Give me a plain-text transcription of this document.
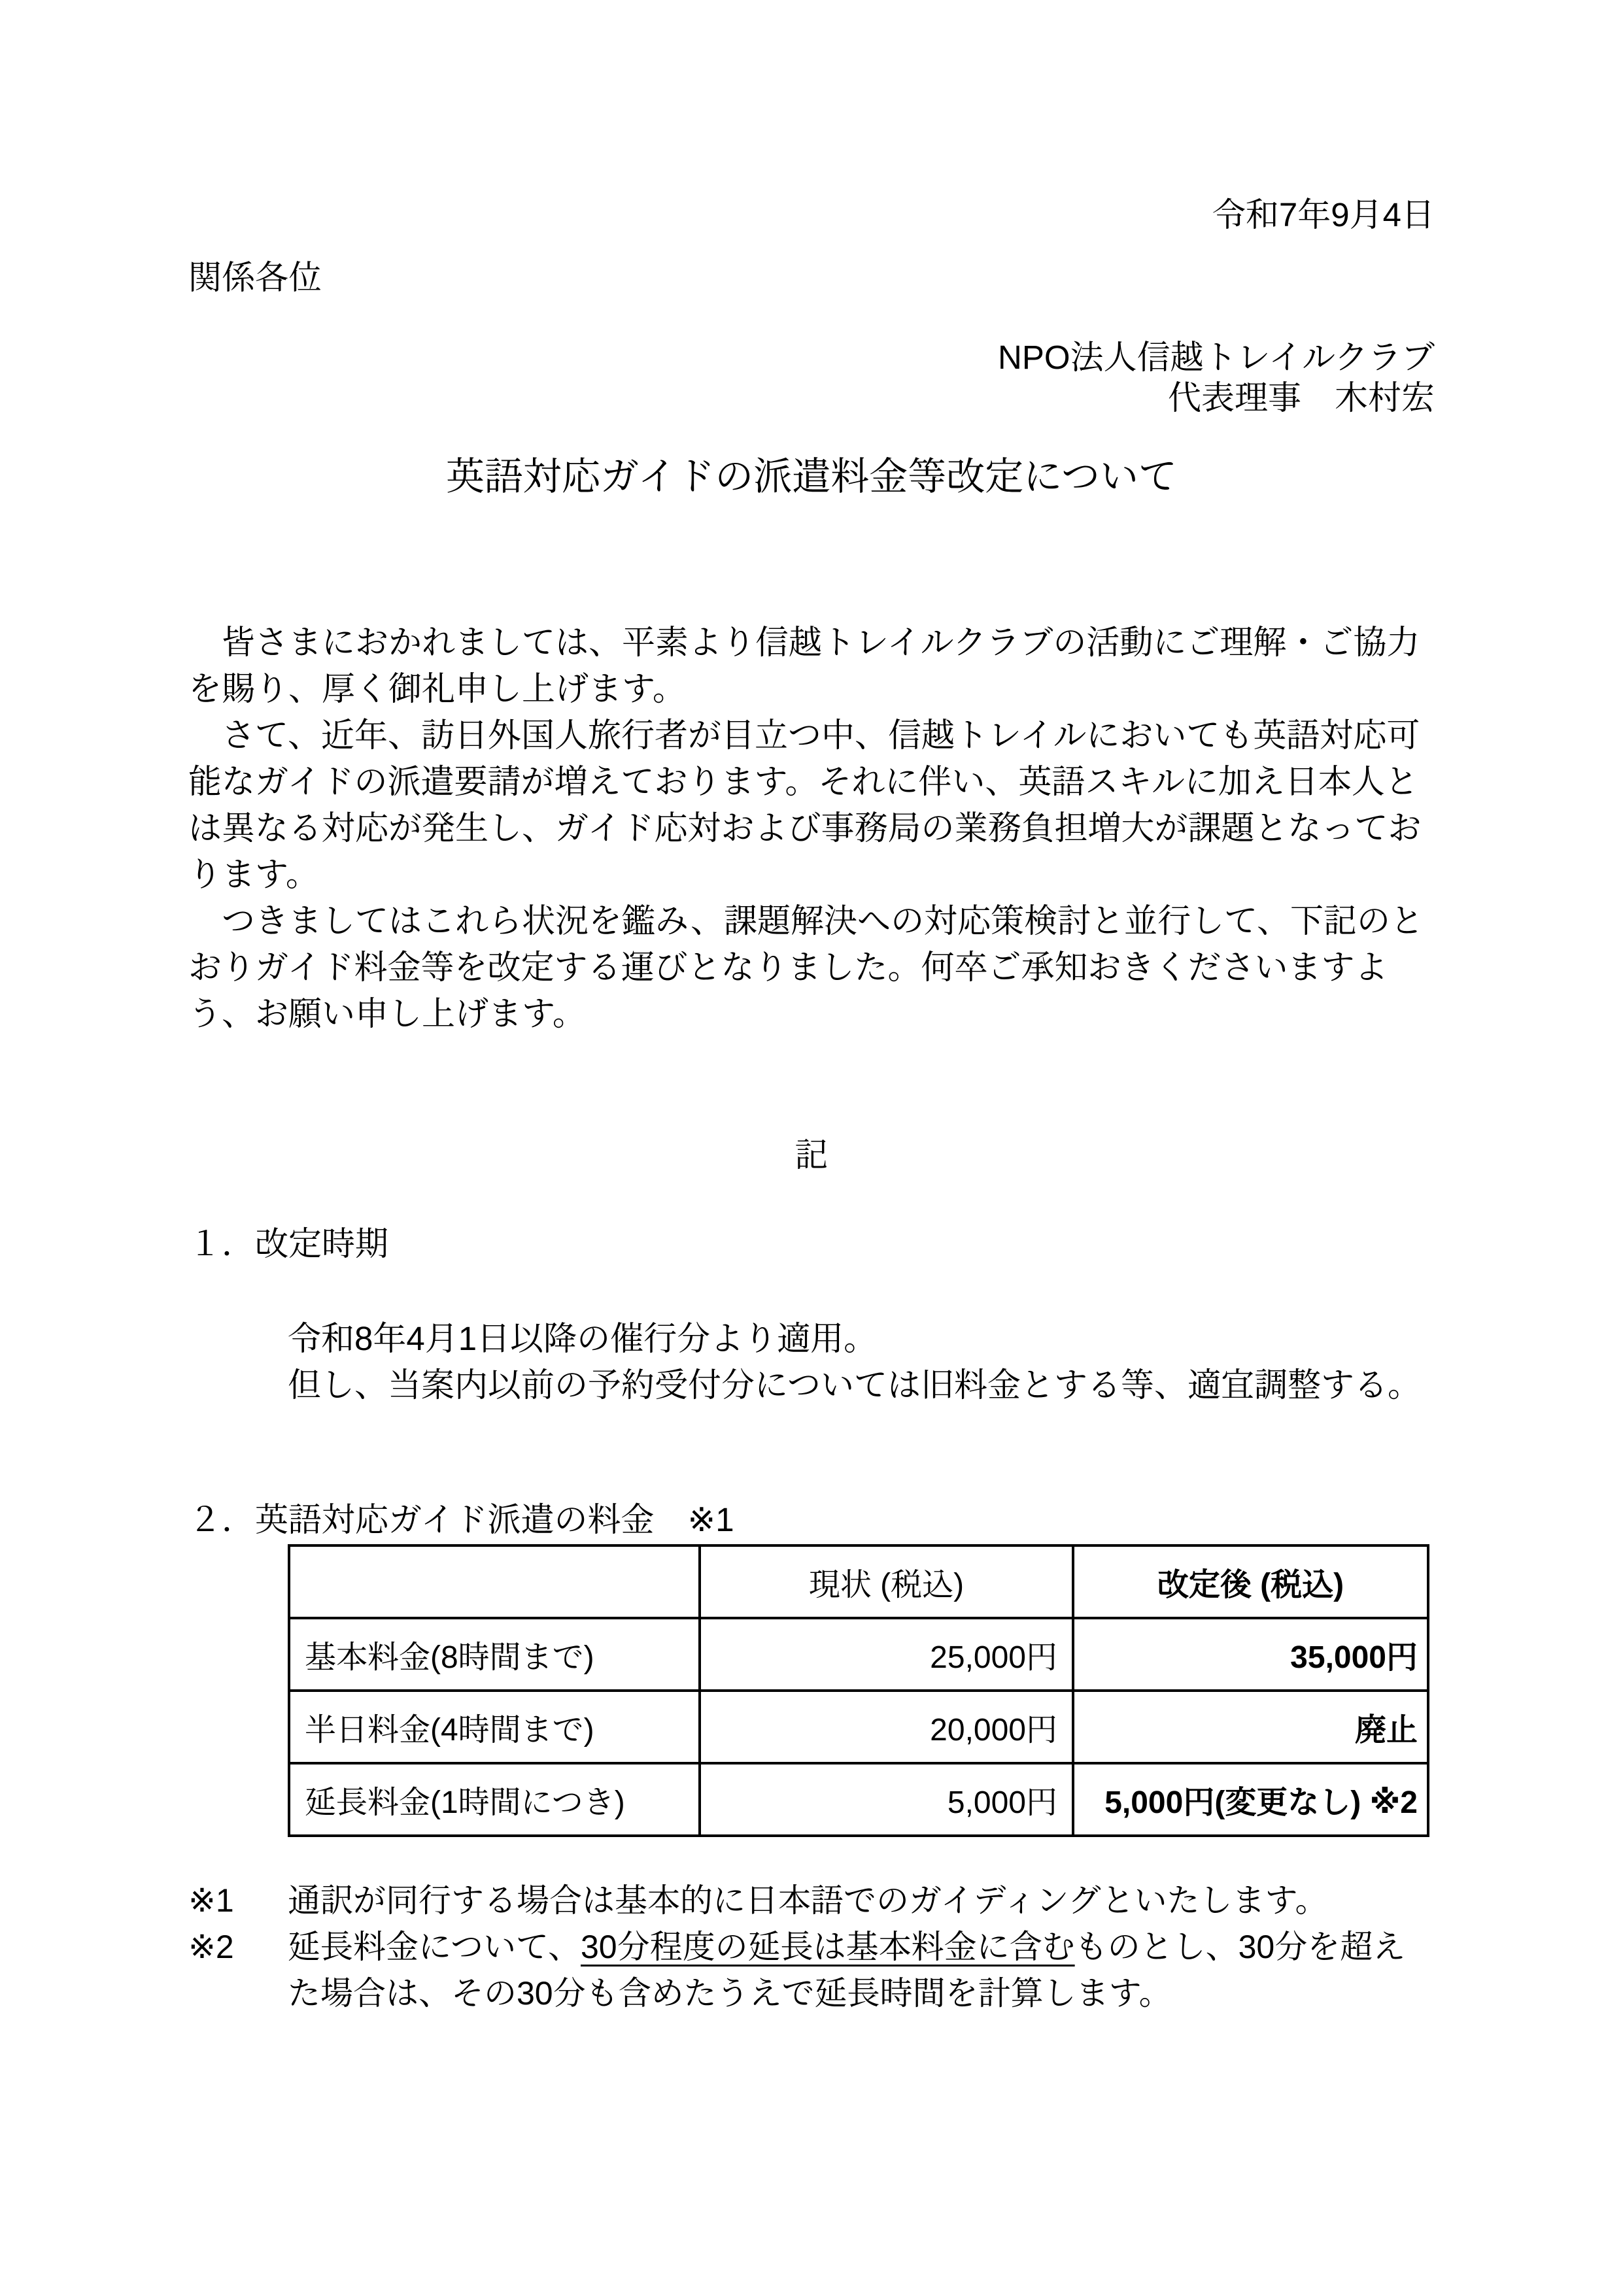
令和7年9月4日
関係各位
NPO法人信越トレイルクラブ
代表理事　木村宏
英語対応ガイドの派遣料金等改定について
　皆さまにおかれましては、平素より信越トレイルクラブの活動にご理解・ご協力
を賜り、厚く御礼申し上げます。
　さて、近年、訪日外国人旅行者が目立つ中、信越トレイルにおいても英語対応可
能なガイドの派遣要請が増えております。それに伴い、英語スキルに加え日本人と
は異なる対応が発生し、ガイド応対および事務局の業務負担増大が課題となってお
ります。
　つきましてはこれら状況を鑑み、課題解決への対応策検討と並行して、下記のと
おりガイド料金等を改定する運びとなりました。何卒ご承知おきくださいますよ
う、お願い申し上げます。
記
１．改定時期
令和8年4月1日以降の催行分より適用。
但し、当案内以前の予約受付分については旧料金とする等、適宜調整する。
２．英語対応ガイド派遣の料金　※1
	現状 (税込)	改定後 (税込)
基本料金(8時間まで)	25,000円	35,000円
半日料金(4時間まで)	20,000円	廃止
延長料金(1時間につき)	5,000円	5,000円(変更なし) ※2
※1	通訳が同行する場合は基本的に日本語でのガイディングといたします。
※2	延長料金について、30分程度の延長は基本料金に含むものとし、30分を超え
た場合は、その30分も含めたうえで延長時間を計算します。
